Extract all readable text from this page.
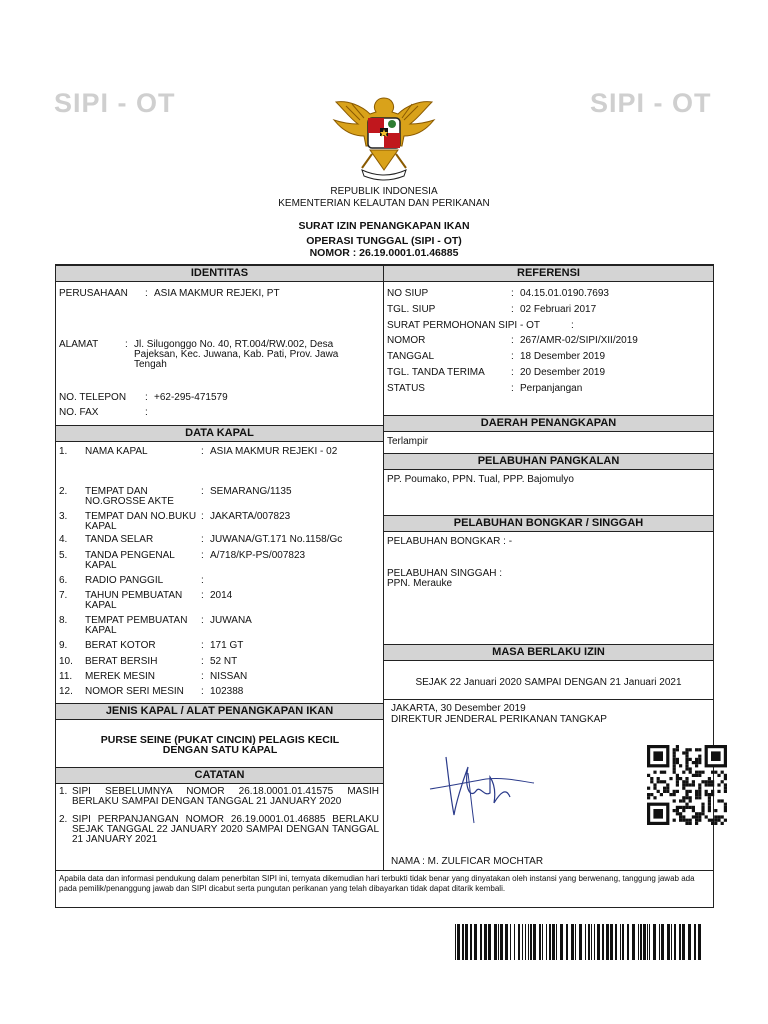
SIPI - OT	SIPI - OT
REPUBLIK INDONESIA
KEMENTERIAN KELAUTAN DAN PERIKANAN
SURAT IZIN PENANGKAPAN IKAN
OPERASI TUNGGAL (SIPI - OT)
NOMOR : 26.19.0001.01.46885
IDENTITAS
PERUSAHAAN : ASIA MAKMUR REJEKI, PT
ALAMAT	: Jl. Silugonggo No. 40, RT.004/RW.002, Desa Pajeksan, Kec. Juwana, Kab. Pati, Prov. Jawa Tengah
NO. TELEPON : +62-295-471579
NO. FAX	:
DATA KAPAL
1. NAMA KAPAL	: ASIA MAKMUR REJEKI - 02
2. TEMPAT DAN NO.GROSSE AKTE
: SEMARANG/1135
3. TEMPAT DAN NO.BUKU KAPAL
: JAKARTA/007823
4. TANDA SELAR	: JUWANA/GT.171 No.1158/Gc
5. TANDA PENGENAL KAPAL
: A/718/KP-PS/007823
6. RADIO PANGGIL	:
7. TAHUN PEMBUATAN KAPAL
: 2014
8. TEMPAT PEMBUATAN KAPAL
: JUWANA
9. BERAT KOTOR	: 171 GT
10. BERAT BERSIH	: 52 NT
11. MEREK MESIN	: NISSAN
12. NOMOR SERI MESIN	: 102388
JENIS KAPAL / ALAT PENANGKAPAN IKAN
PURSE SEINE (PUKAT CINCIN) PELAGIS KECIL DENGAN SATU KAPAL
CATATAN
1. SIPI SEBELUMNYA NOMOR 26.18.0001.01.41575 MASIH BERLAKU SAMPAI DENGAN TANGGAL 21 JANUARY 2020
2. SIPI PERPANJANGAN NOMOR 26.19.0001.01.46885 BERLAKU SEJAK TANGGAL 22 JANUARY 2020 SAMPAI DENGAN TANGGAL 21 JANUARY 2021
REFERENSI
NO SIUP	: 04.15.01.0190.7693
TGL. SIUP	: 02 Februari 2017
SURAT PERMOHONAN SIPI - OT	:
NOMOR	: 267/AMR-02/SIPI/XII/2019
TANGGAL	: 18 Desember 2019
TGL. TANDA TERIMA	: 20 Desember 2019
STATUS	: Perpanjangan
DAERAH PENANGKAPAN
Terlampir
PELABUHAN PANGKALAN
PP. Poumako, PPN. Tual, PPP. Bajomulyo
PELABUHAN BONGKAR / SINGGAH
PELABUHAN BONGKAR : -
PELABUHAN SINGGAH :
PPN. Merauke
MASA BERLAKU IZIN
SEJAK 22 Januari 2020 SAMPAI DENGAN 21 Januari 2021
JAKARTA, 30 Desember 2019
DIREKTUR JENDERAL PERIKANAN TANGKAP
NAMA : M. ZULFICAR MOCHTAR
Apabila data dan informasi pendukung dalam penerbitan SIPI ini, ternyata dikemudian hari terbukti tidak benar yang dinyatakan oleh instansi yang berwenang, tanggung jawab ada pada pemilik/penanggung jawab dan SIPI dicabut serta pungutan perikanan yang telah dibayarkan tidak dapat ditarik kembali.
